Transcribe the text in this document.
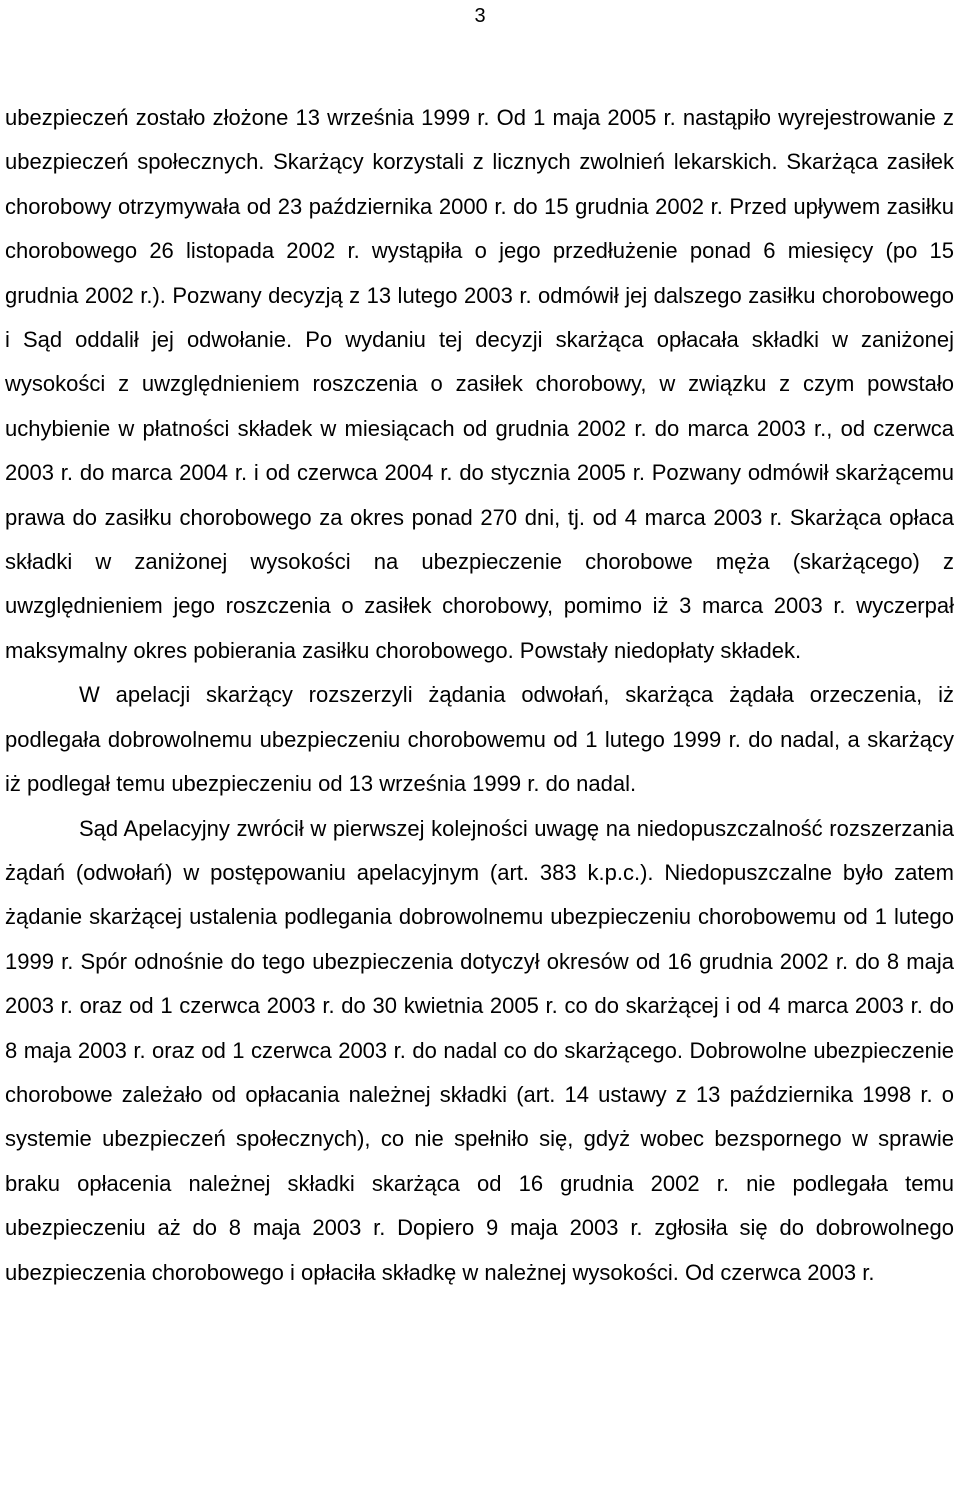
3

ubezpieczeń zostało złożone 13 września 1999 r. Od 1 maja 2005 r. nastąpiło wyrejestrowanie z ubezpieczeń społecznych. Skarżący korzystali z licznych zwolnień lekarskich. Skarżąca zasiłek chorobowy otrzymywała od 23 października 2000 r. do 15 grudnia 2002 r. Przed upływem zasiłku chorobowego 26 listopada 2002 r. wystąpiła o jego przedłużenie ponad 6 miesięcy (po 15 grudnia 2002 r.). Pozwany decyzją z 13 lutego 2003 r. odmówił jej dalszego zasiłku chorobowego i Sąd oddalił jej odwołanie. Po wydaniu tej decyzji skarżąca opłacała składki w zaniżonej wysokości z uwzględnieniem roszczenia o zasiłek chorobowy, w związku z czym powstało uchybienie w płatności składek w miesiącach od grudnia 2002 r. do marca 2003 r., od czerwca 2003 r. do marca 2004 r. i od czerwca 2004 r. do stycznia 2005 r. Pozwany odmówił skarżącemu prawa do zasiłku chorobowego za okres ponad 270 dni, tj. od 4 marca 2003 r. Skarżąca opłaca składki w zaniżonej wysokości na ubezpieczenie chorobowe męża (skarżącego) z uwzględnieniem jego roszczenia o zasiłek chorobowy, pomimo iż 3 marca 2003 r. wyczerpał maksymalny okres pobierania zasiłku chorobowego. Powstały niedopłaty składek.

W apelacji skarżący rozszerzyli żądania odwołań, skarżąca żądała orzeczenia, iż podlegała dobrowolnemu ubezpieczeniu chorobowemu od 1 lutego 1999 r. do nadal, a skarżący iż podlegał temu ubezpieczeniu od 13 września 1999 r. do nadal.

Sąd Apelacyjny zwrócił w pierwszej kolejności uwagę na niedopuszczalność rozszerzania żądań (odwołań) w postępowaniu apelacyjnym (art. 383 k.p.c.). Niedopuszczalne było zatem żądanie skarżącej ustalenia podlegania dobrowolnemu ubezpieczeniu chorobowemu od 1 lutego 1999 r. Spór odnośnie do tego ubezpieczenia dotyczył okresów od 16 grudnia 2002 r. do 8 maja 2003 r. oraz od 1 czerwca 2003 r. do 30 kwietnia 2005 r. co do skarżącej i od 4 marca 2003 r. do 8 maja 2003 r. oraz od 1 czerwca 2003 r. do nadal co do skarżącego. Dobrowolne ubezpieczenie chorobowe zależało od opłacania należnej składki (art. 14 ustawy z 13 października 1998 r. o systemie ubezpieczeń społecznych), co nie spełniło się, gdyż wobec bezspornego w sprawie braku opłacenia należnej składki skarżąca od 16 grudnia 2002 r. nie podlegała temu ubezpieczeniu aż do 8 maja 2003 r. Dopiero 9 maja 2003 r. zgłosiła się do dobrowolnego ubezpieczenia chorobowego i opłaciła składkę w należnej wysokości. Od czerwca 2003 r.
